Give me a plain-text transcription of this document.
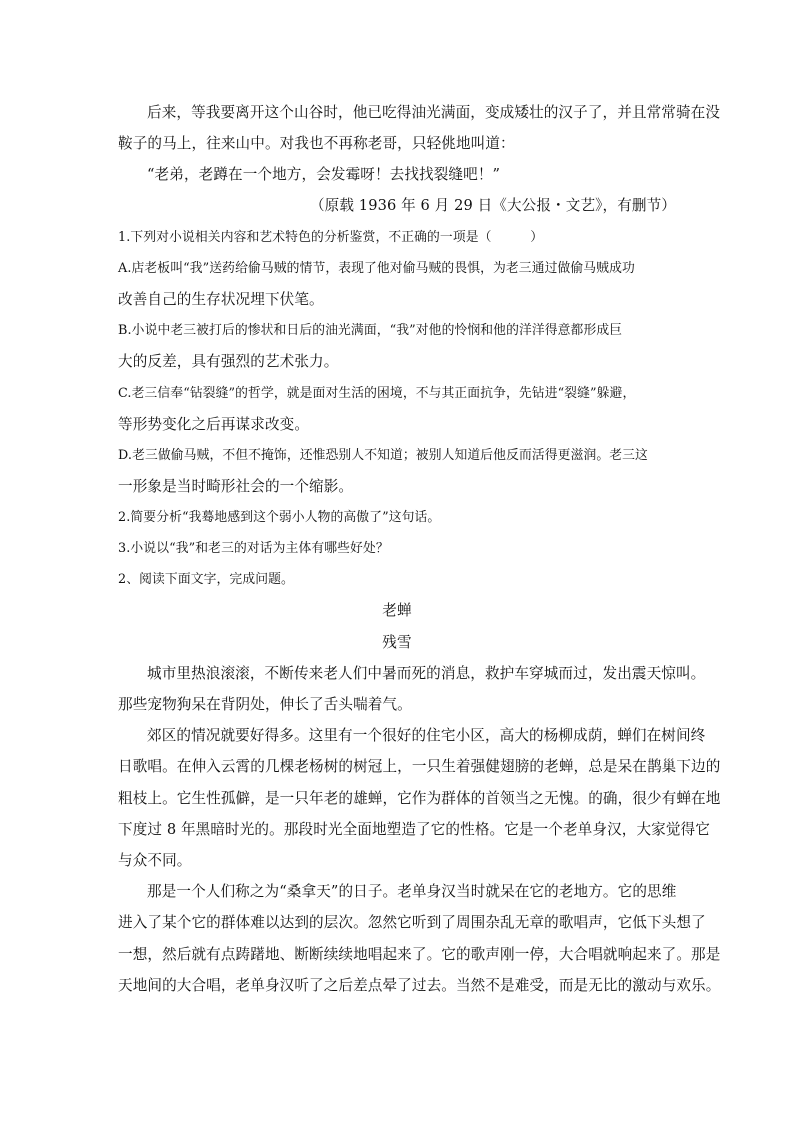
后来，等我要离开这个山谷时，他已吃得油光满面，变成矮壮的汉子了，并且常常骑在没
鞍子的马上，往来山中。对我也不再称老哥，只轻佻地叫道：
“老弟，老蹲在一个地方，会发霉呀！去找找裂缝吧！”
（原载 1936 年 6 月 29 日《大公报・文艺》，有删节）
1.下列对小说相关内容和艺术特色的分析鉴赏，不正确的一项是（　　　）
A.店老板叫“我”送药给偷马贼的情节，表现了他对偷马贼的畏惧，为老三通过做偷马贼成功
改善自己的生存状况埋下伏笔。
B.小说中老三被打后的惨状和日后的油光满面，“我”对他的怜悯和他的洋洋得意都形成巨
大的反差，具有强烈的艺术张力。
C.老三信奉“钻裂缝”的哲学，就是面对生活的困境，不与其正面抗争，先钻进“裂缝”躲避，
等形势变化之后再谋求改变。
D.老三做偷马贼，不但不掩饰，还惟恐别人不知道；被别人知道后他反而活得更滋润。老三这
一形象是当时畸形社会的一个缩影。
2.简要分析“我蓦地感到这个弱小人物的高傲了”这句话。
3.小说以“我”和老三的对话为主体有哪些好处？
2、阅读下面文字，完成问题。
老蝉
残雪
城市里热浪滚滚，不断传来老人们中暑而死的消息，救护车穿城而过，发出震天惊叫。
那些宠物狗呆在背阴处，伸长了舌头喘着气。
郊区的情况就要好得多。这里有一个很好的住宅小区，高大的杨柳成荫，蝉们在树间终
日歌唱。在伸入云霄的几棵老杨树的树冠上，一只生着强健翅膀的老蝉，总是呆在鹊巢下边的
粗枝上。它生性孤僻，是一只年老的雄蝉，它作为群体的首领当之无愧。的确，很少有蝉在地
下度过 8 年黑暗时光的。那段时光全面地塑造了它的性格。它是一个老单身汉，大家觉得它
与众不同。
那是一个人们称之为“桑拿天”的日子。老单身汉当时就呆在它的老地方。它的思维
进入了某个它的群体难以达到的层次。忽然它听到了周围杂乱无章的歌唱声，它低下头想了
一想，然后就有点踌躇地、断断续续地唱起来了。它的歌声刚一停，大合唱就响起来了。那是
天地间的大合唱，老单身汉听了之后差点晕了过去。当然不是难受，而是无比的激动与欢乐。
